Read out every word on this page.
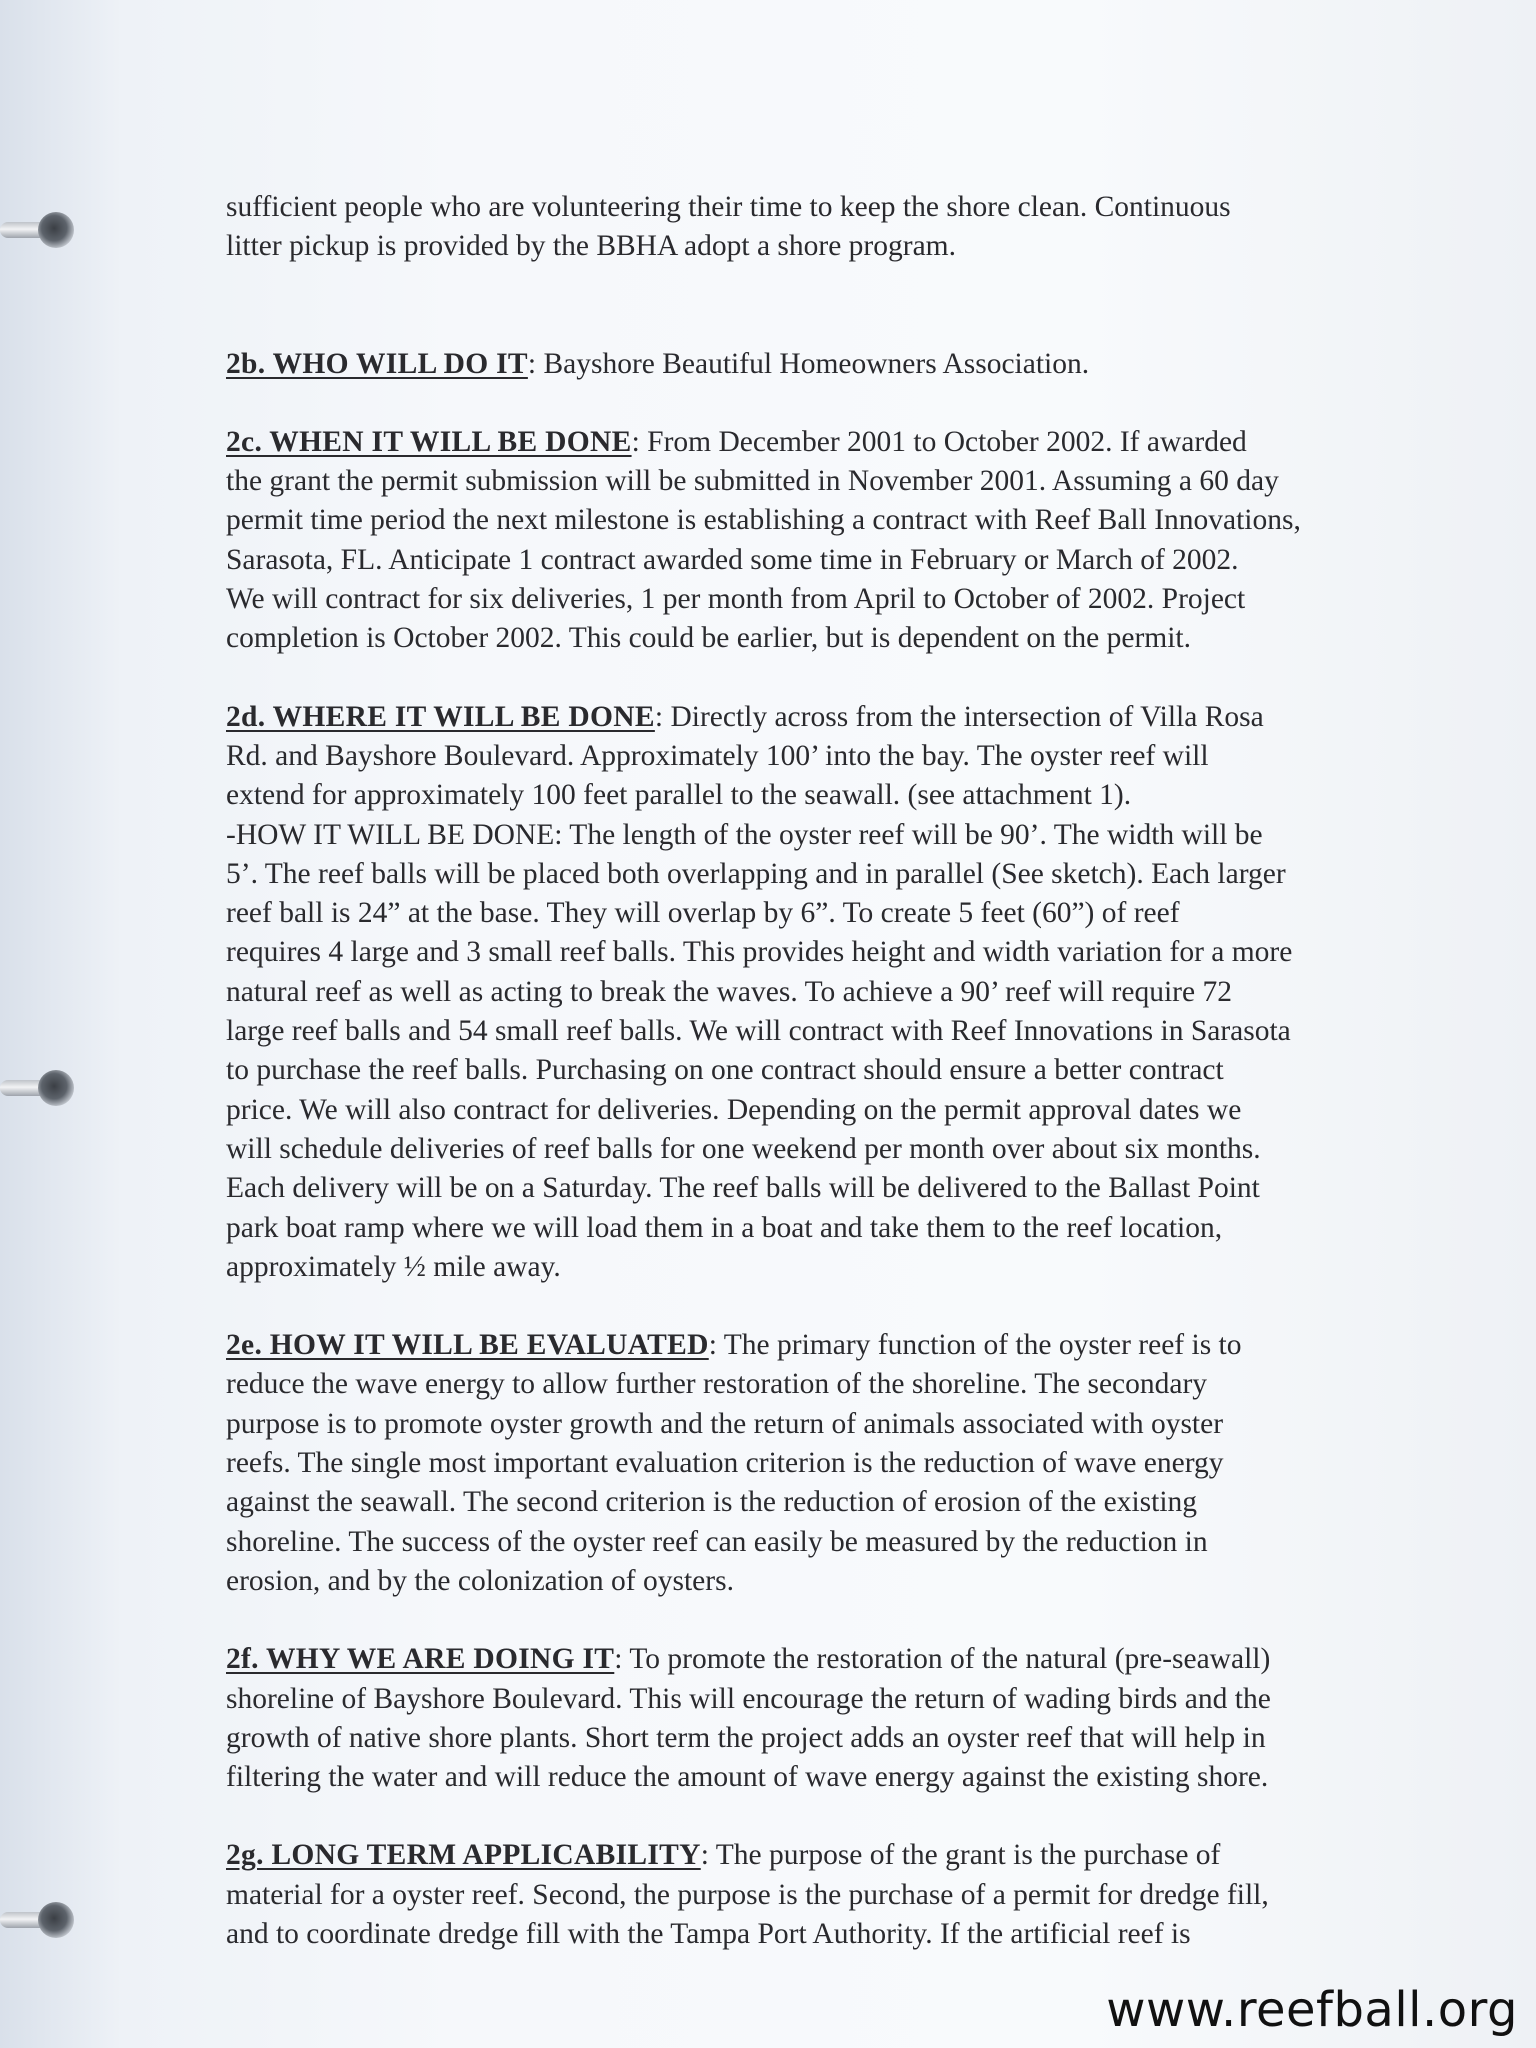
sufficient people who are volunteering their time to keep the shore clean. Continuous
litter pickup is provided by the BBHA adopt a shore program.
2b. WHO WILL DO IT: Bayshore Beautiful Homeowners Association.
2c. WHEN IT WILL BE DONE: From December 2001 to October 2002. If awarded
the grant the permit submission will be submitted in November 2001. Assuming a 60 day
permit time period the next milestone is establishing a contract with Reef Ball Innovations,
Sarasota, FL. Anticipate 1 contract awarded some time in February or March of 2002.
We will contract for six deliveries, 1 per month from April to October of 2002. Project
completion is October 2002. This could be earlier, but is dependent on the permit.
2d. WHERE IT WILL BE DONE: Directly across from the intersection of Villa Rosa
Rd. and Bayshore Boulevard. Approximately 100’ into the bay. The oyster reef will
extend for approximately 100 feet parallel to the seawall. (see attachment 1).
-HOW IT WILL BE DONE: The length of the oyster reef will be 90’. The width will be
5’. The reef balls will be placed both overlapping and in parallel (See sketch). Each larger
reef ball is 24” at the base. They will overlap by 6”. To create 5 feet (60”) of reef
requires 4 large and 3 small reef balls. This provides height and width variation for a more
natural reef as well as acting to break the waves. To achieve a 90’ reef will require 72
large reef balls and 54 small reef balls. We will contract with Reef Innovations in Sarasota
to purchase the reef balls. Purchasing on one contract should ensure a better contract
price. We will also contract for deliveries. Depending on the permit approval dates we
will schedule deliveries of reef balls for one weekend per month over about six months.
Each delivery will be on a Saturday. The reef balls will be delivered to the Ballast Point
park boat ramp where we will load them in a boat and take them to the reef location,
approximately ½ mile away.
2e. HOW IT WILL BE EVALUATED: The primary function of the oyster reef is to
reduce the wave energy to allow further restoration of the shoreline. The secondary
purpose is to promote oyster growth and the return of animals associated with oyster
reefs. The single most important evaluation criterion is the reduction of wave energy
against the seawall. The second criterion is the reduction of erosion of the existing
shoreline. The success of the oyster reef can easily be measured by the reduction in
erosion, and by the colonization of oysters.
2f. WHY WE ARE DOING IT: To promote the restoration of the natural (pre-seawall)
shoreline of Bayshore Boulevard. This will encourage the return of wading birds and the
growth of native shore plants. Short term the project adds an oyster reef that will help in
filtering the water and will reduce the amount of wave energy against the existing shore.
2g. LONG TERM APPLICABILITY: The purpose of the grant is the purchase of
material for a oyster reef. Second, the purpose is the purchase of a permit for dredge fill,
and to coordinate dredge fill with the Tampa Port Authority. If the artificial reef is
www.reefball.org
